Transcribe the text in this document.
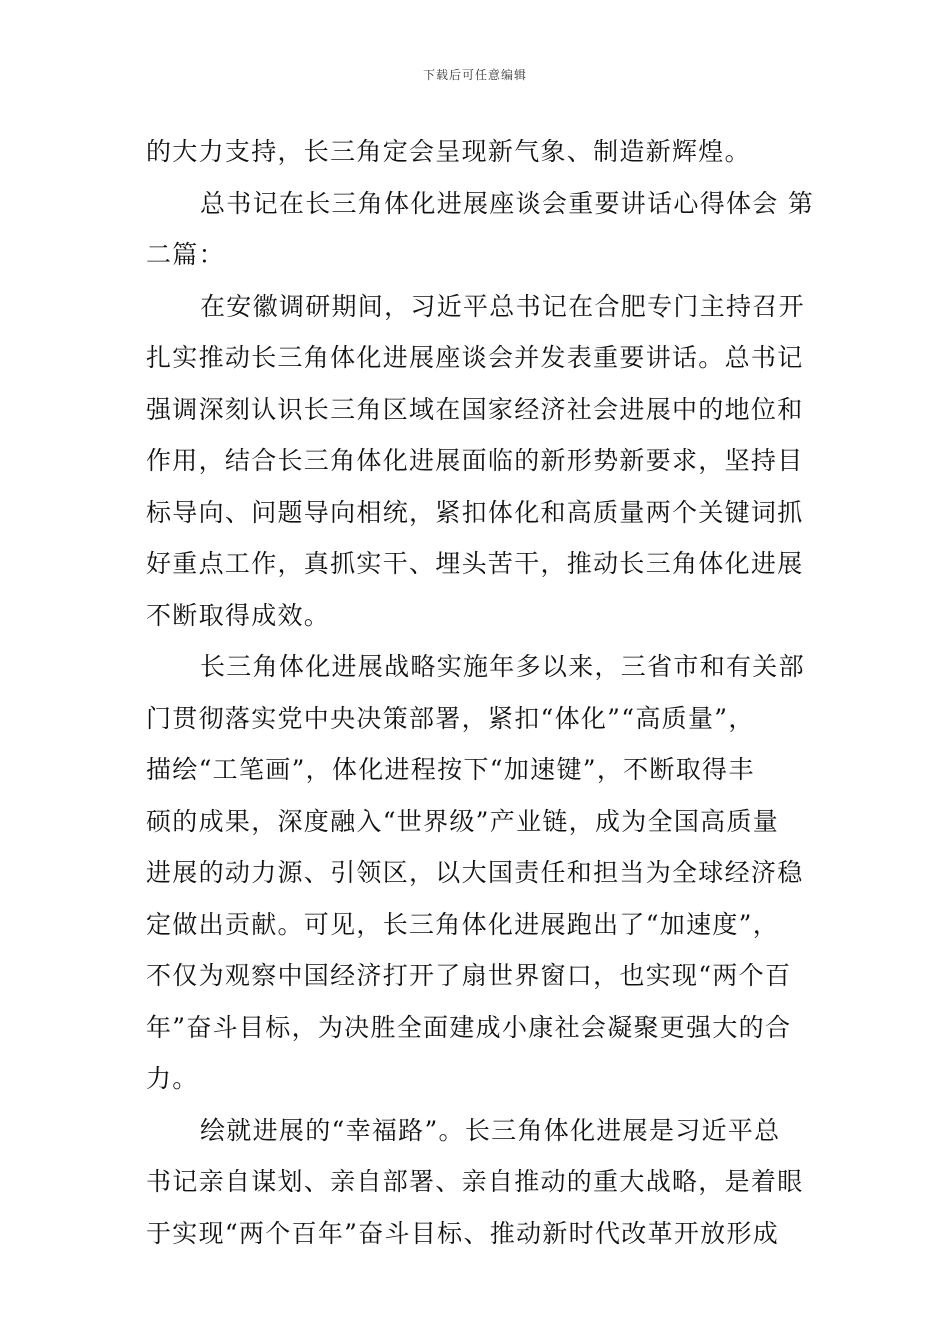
下载后可任意编辑
的大力支持，长三角定会呈现新气象、制造新辉煌。
总书记在长三角体化进展座谈会重要讲话心得体会 第
二篇：
在安徽调研期间，习近平总书记在合肥专门主持召开
扎实推动长三角体化进展座谈会并发表重要讲话。总书记
强调深刻认识长三角区域在国家经济社会进展中的地位和
作用，结合长三角体化进展面临的新形势新要求，坚持目
标导向、问题导向相统，紧扣体化和高质量两个关键词抓
好重点工作，真抓实干、埋头苦干，推动长三角体化进展
不断取得成效。
长三角体化进展战略实施年多以来，三省市和有关部
门贯彻落实党中央决策部署，紧扣“体化”“高质量”，
描绘“工笔画”，体化进程按下“加速键”，不断取得丰
硕的成果，深度融入“世界级”产业链，成为全国高质量
进展的动力源、引领区，以大国责任和担当为全球经济稳
定做出贡献。可见，长三角体化进展跑出了“加速度”，
不仅为观察中国经济打开了扇世界窗口，也实现“两个百
年”奋斗目标，为决胜全面建成小康社会凝聚更强大的合
力。
绘就进展的“幸福路”。长三角体化进展是习近平总
书记亲自谋划、亲自部署、亲自推动的重大战略，是着眼
于实现“两个百年”奋斗目标、推动新时代改革开放形成
